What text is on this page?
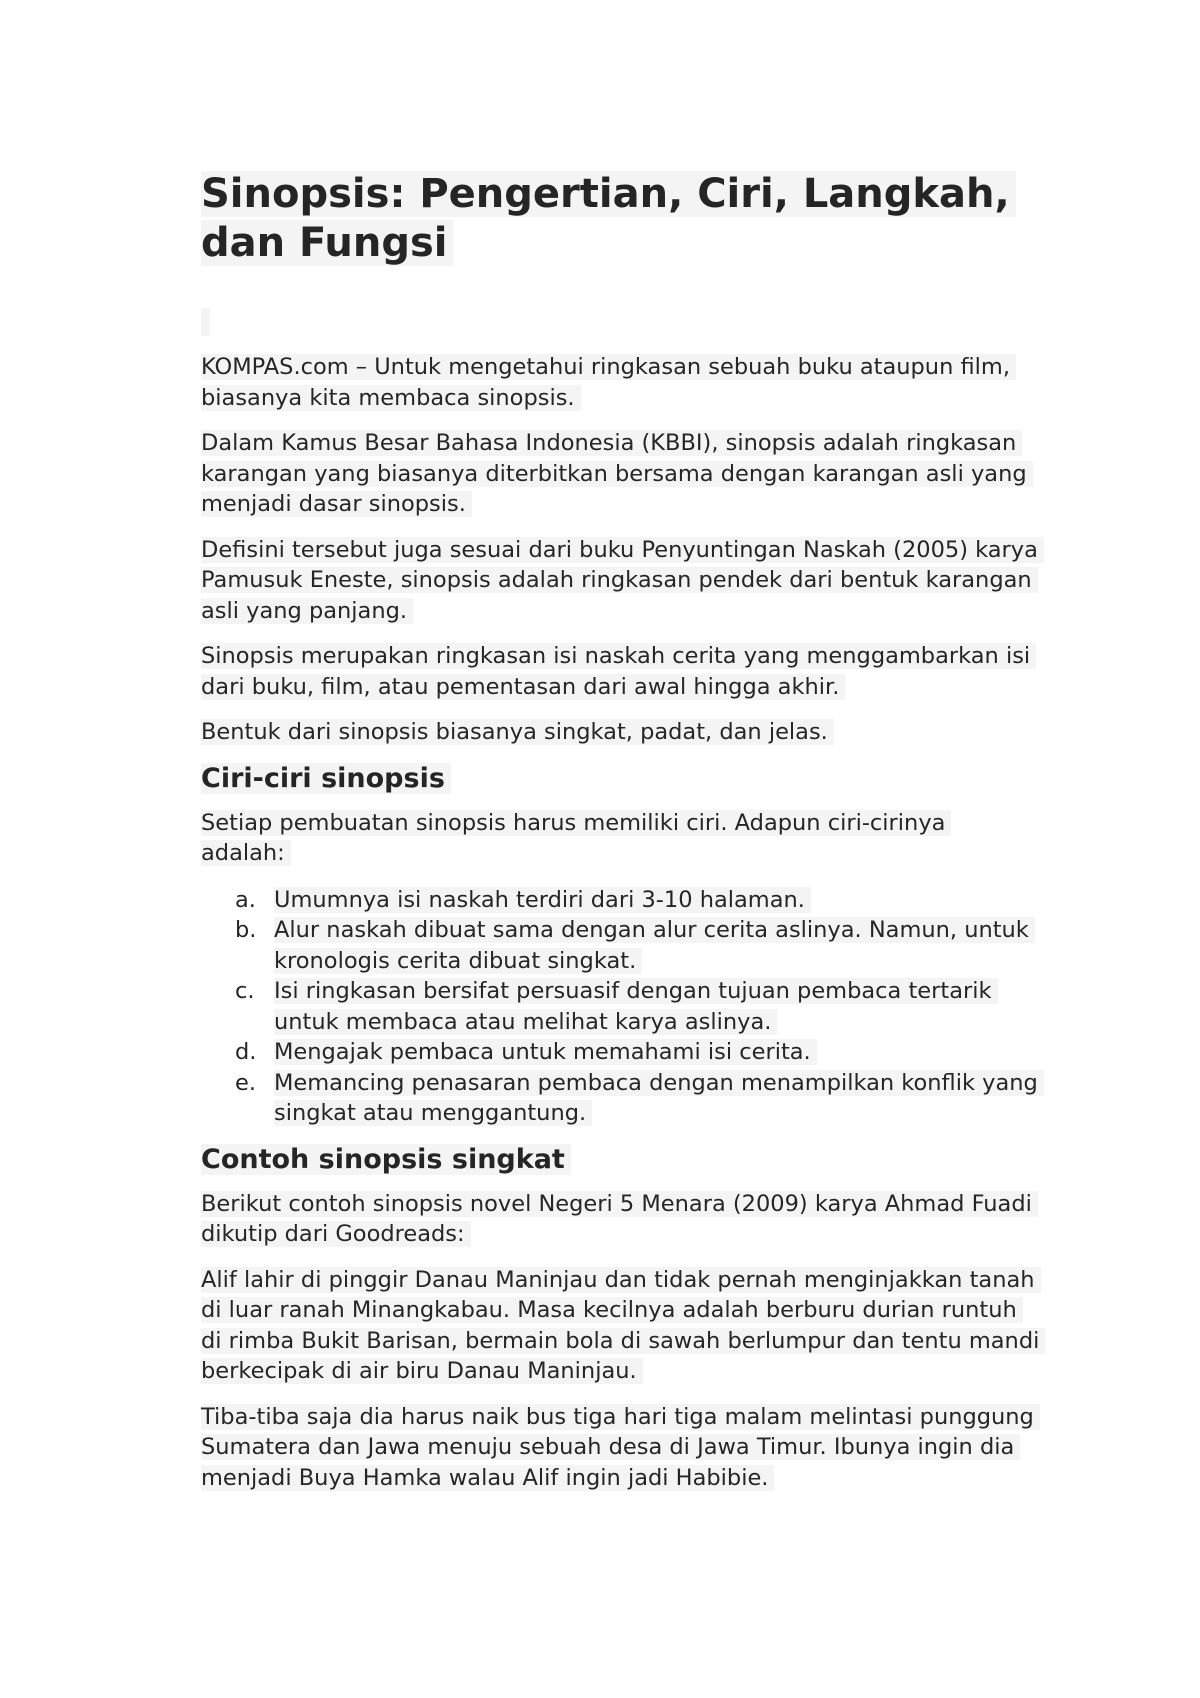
Sinopsis: Pengertian, Ciri, Langkah, dan Fungsi

KOMPAS.com – Untuk mengetahui ringkasan sebuah buku ataupun film, biasanya kita membaca sinopsis.

Dalam Kamus Besar Bahasa Indonesia (KBBI), sinopsis adalah ringkasan karangan yang biasanya diterbitkan bersama dengan karangan asli yang menjadi dasar sinopsis.

Defisini tersebut juga sesuai dari buku Penyuntingan Naskah (2005) karya Pamusuk Eneste, sinopsis adalah ringkasan pendek dari bentuk karangan asli yang panjang.

Sinopsis merupakan ringkasan isi naskah cerita yang menggambarkan isi dari buku, film, atau pementasan dari awal hingga akhir.

Bentuk dari sinopsis biasanya singkat, padat, dan jelas.

Ciri-ciri sinopsis

Setiap pembuatan sinopsis harus memiliki ciri. Adapun ciri-cirinya adalah:

a. Umumnya isi naskah terdiri dari 3-10 halaman.
b. Alur naskah dibuat sama dengan alur cerita aslinya. Namun, untuk kronologis cerita dibuat singkat.
c. Isi ringkasan bersifat persuasif dengan tujuan pembaca tertarik untuk membaca atau melihat karya aslinya.
d. Mengajak pembaca untuk memahami isi cerita.
e. Memancing penasaran pembaca dengan menampilkan konflik yang singkat atau menggantung.
Contoh sinopsis singkat

Berikut contoh sinopsis novel Negeri 5 Menara (2009) karya Ahmad Fuadi dikutip dari Goodreads:

Alif lahir di pinggir Danau Maninjau dan tidak pernah menginjakkan tanah di luar ranah Minangkabau. Masa kecilnya adalah berburu durian runtuh di rimba Bukit Barisan, bermain bola di sawah berlumpur dan tentu mandi berkecipak di air biru Danau Maninjau.

Tiba-tiba saja dia harus naik bus tiga hari tiga malam melintasi punggung Sumatera dan Jawa menuju sebuah desa di Jawa Timur. Ibunya ingin dia menjadi Buya Hamka walau Alif ingin jadi Habibie.
